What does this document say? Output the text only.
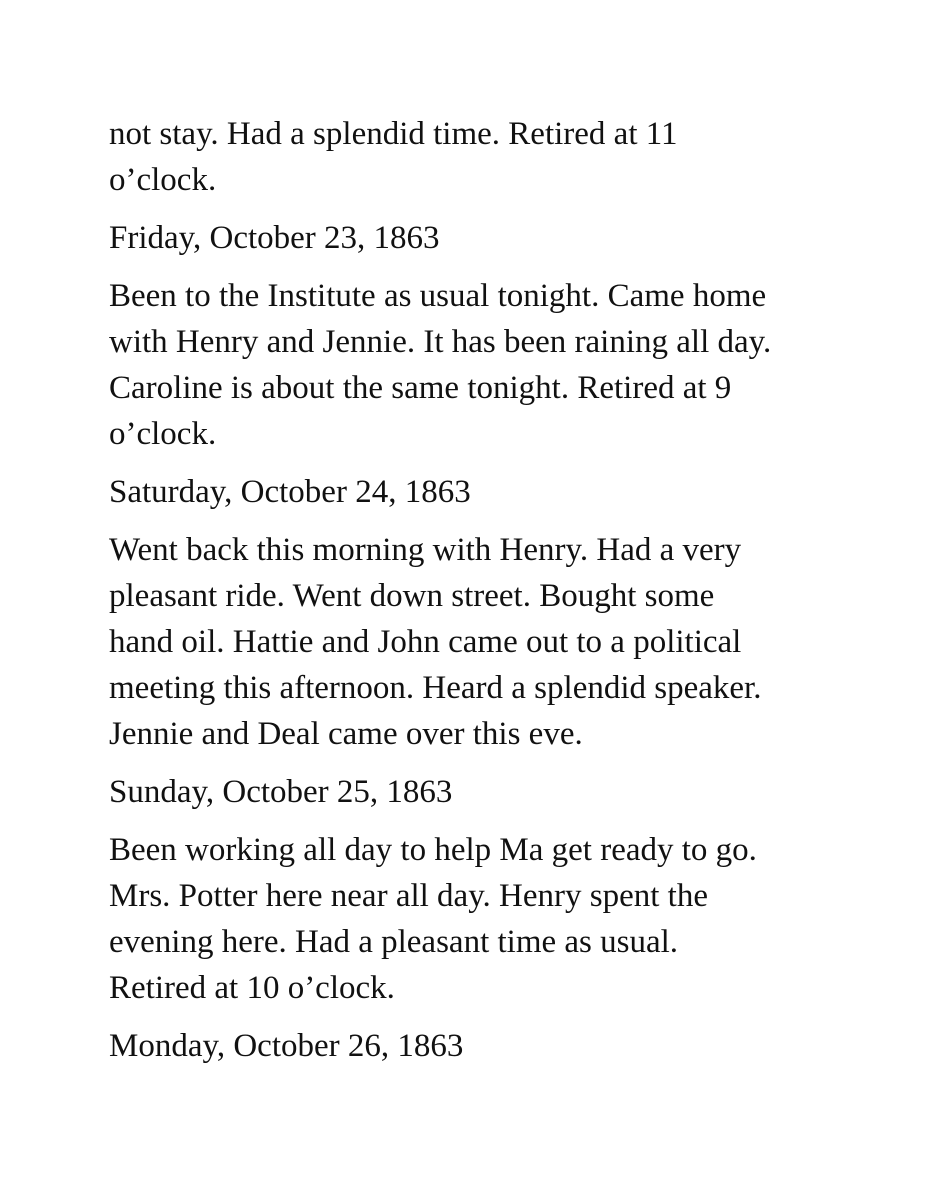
not stay. Had a splendid time. Retired at 11
o’clock.

Friday, October 23, 1863

Been to the Institute as usual tonight. Came home
with Henry and Jennie. It has been raining all day.
Caroline is about the same tonight. Retired at 9
o’clock.

Saturday, October 24, 1863

Went back this morning with Henry. Had a very
pleasant ride. Went down street. Bought some
hand oil. Hattie and John came out to a political
meeting this afternoon. Heard a splendid speaker.
Jennie and Deal came over this eve.

Sunday, October 25, 1863

Been working all day to help Ma get ready to go.
Mrs. Potter here near all day. Henry spent the
evening here. Had a pleasant time as usual.
Retired at 10 o’clock.

Monday, October 26, 1863
